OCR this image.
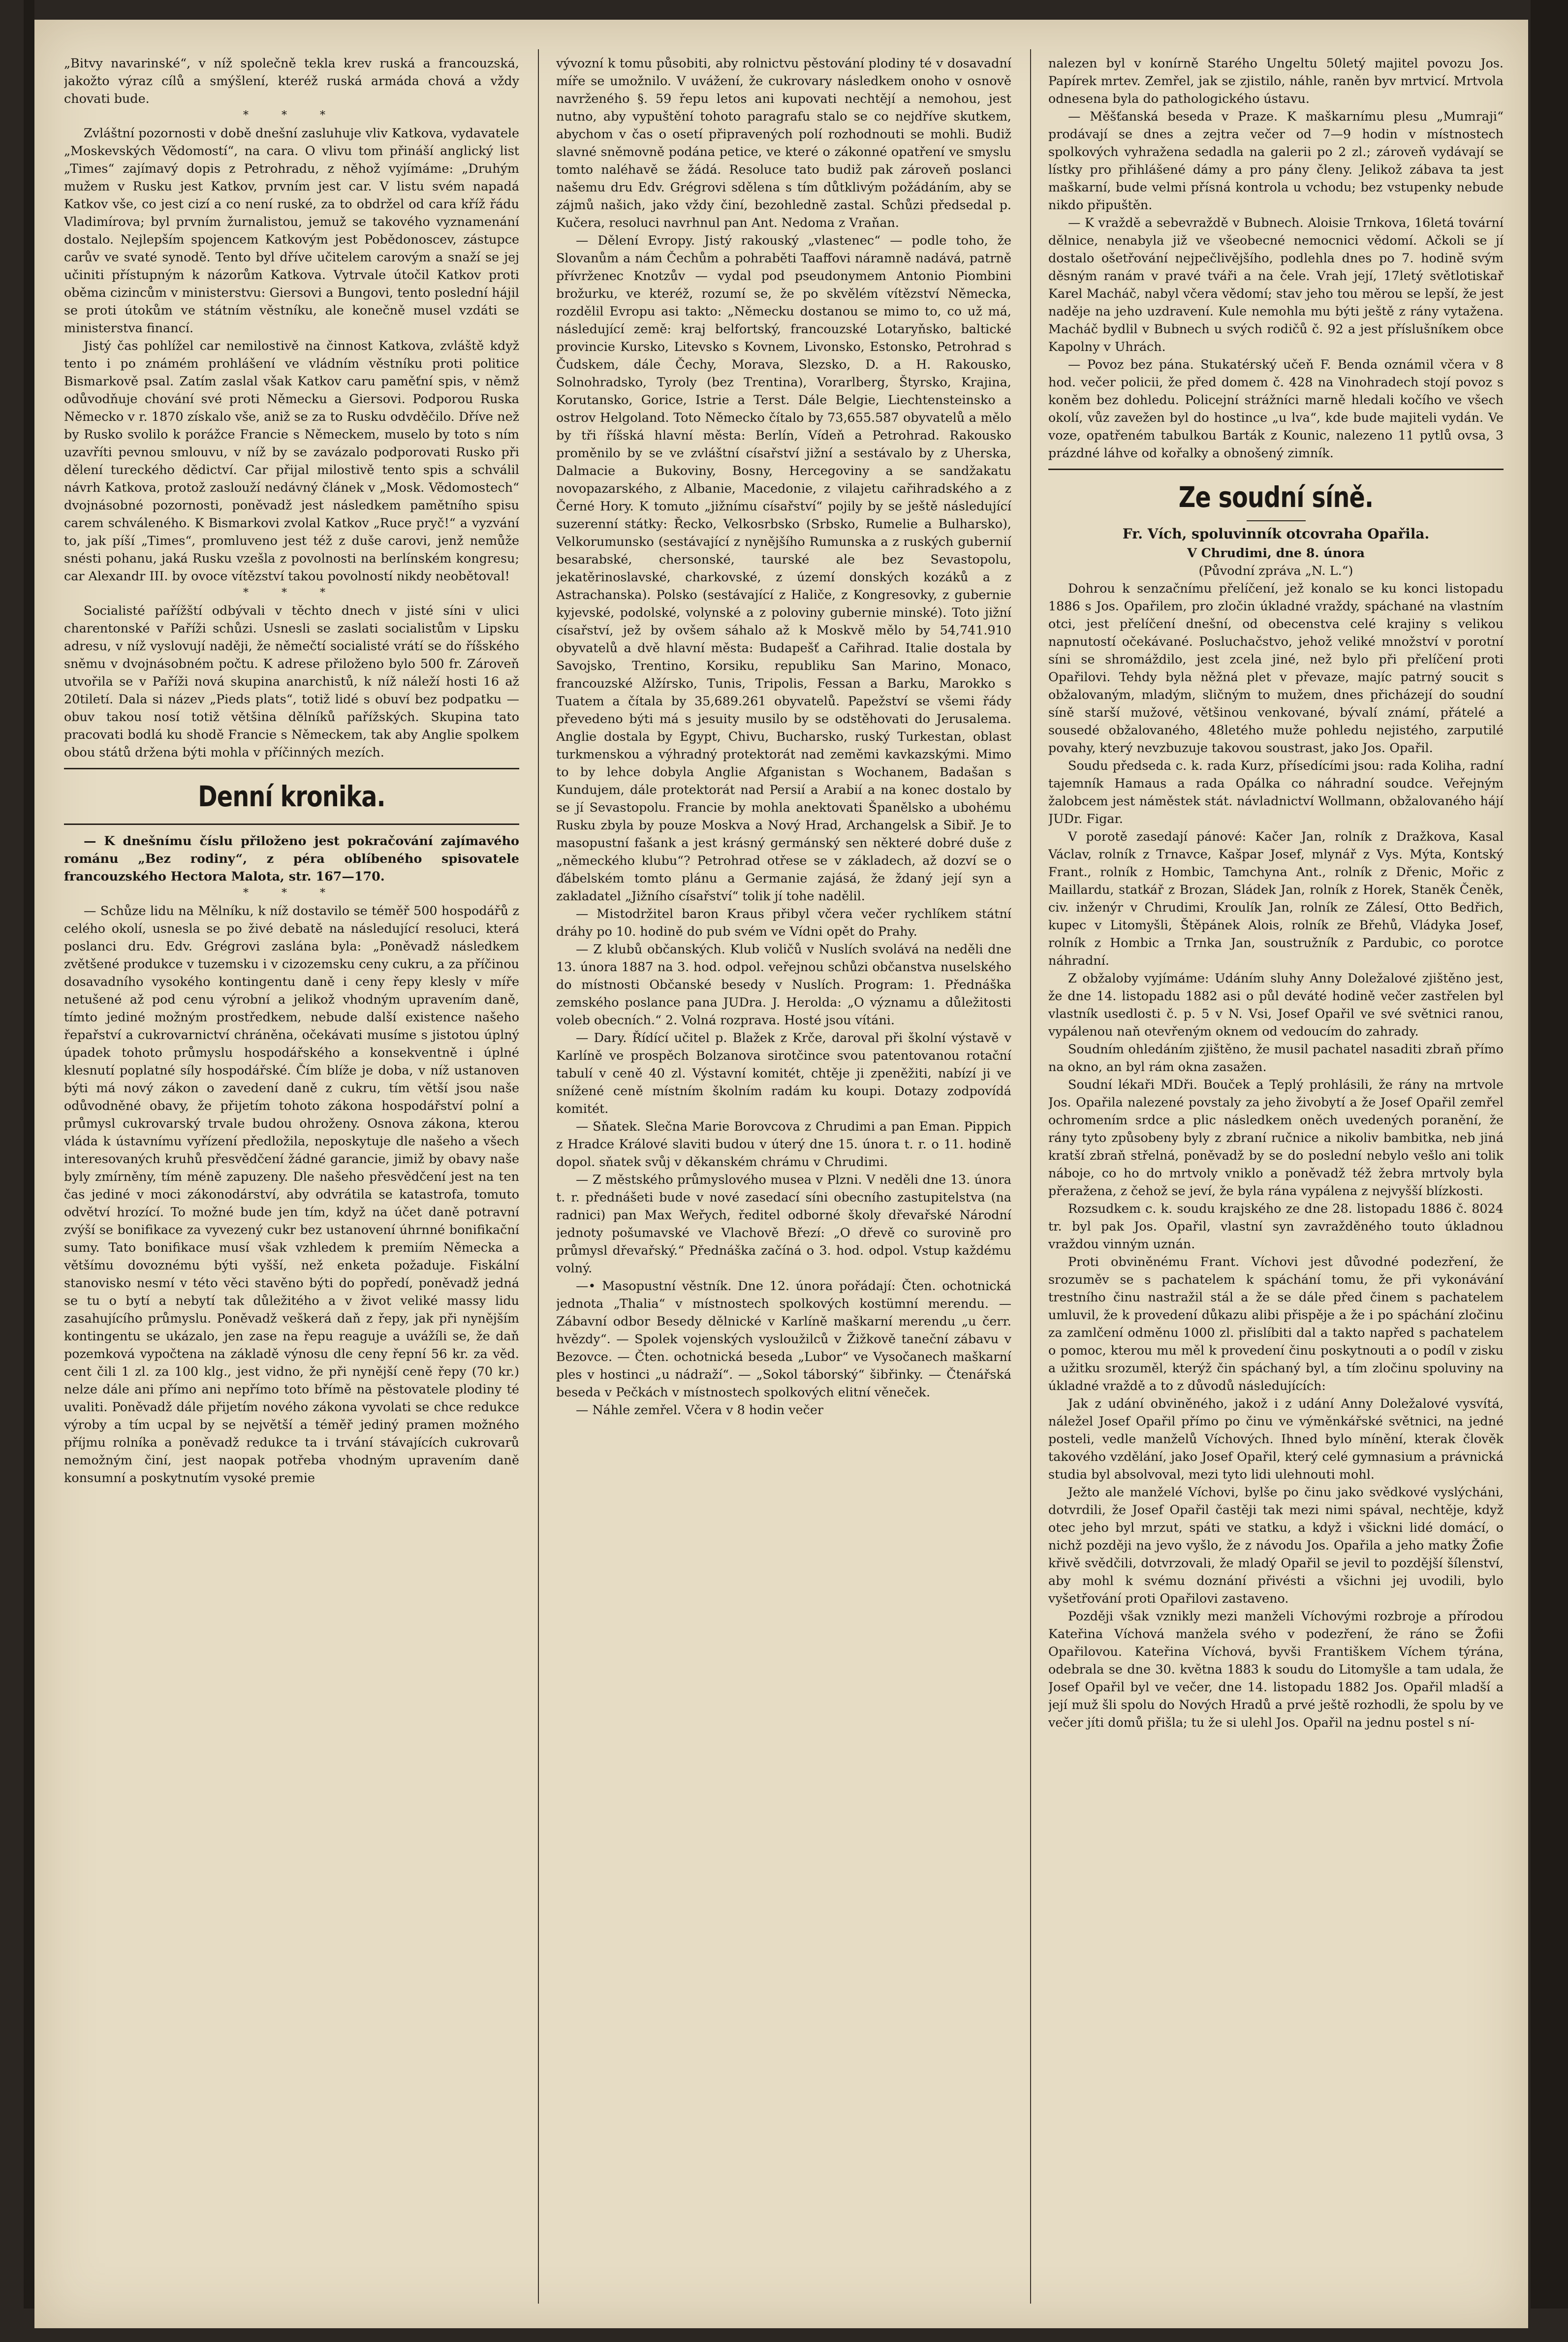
„Bitvy navarinské“, v níž společně tekla krev ruská a francouzská, jakožto výraz cílů a smýšlení, kteréž ruská armáda chová a vždy chovati bude.

* * *

Zvláštní pozornosti v době dnešní zasluhuje vliv Katkova, vydavatele „Moskevských Vědomostí“, na cara. O vlivu tom přináší anglický list „Times“ zajímavý dopis z Petrohradu, z něhož vyjímáme: „Druhým mužem v Rusku jest Katkov, prvním jest car. V listu svém napadá Katkov vše, co jest cizí a co není ruské, za to obdržel od cara kříž řádu Vladimírova; byl prvním žurnalistou, jemuž se takového vyznamenání dostalo. Nejlepším spojencem Katkovým jest Pobědonoscev, zástupce carův ve svaté synodě. Tento byl dříve učitelem carovým a snaží se jej učiniti přístupným k názorům Katkova. Vytrvale útočil Katkov proti oběma cizincům v ministerstvu: Giersovi a Bungovi, tento poslední hájil se proti útokům ve státním věstníku, ale konečně musel vzdáti se ministerstva financí.

Jistý čas pohlížel car nemilostivě na činnost Katkova, zvláště když tento i po známém prohlášení ve vládním věstníku proti politice Bismarkově psal. Zatím zaslal však Katkov caru paměťní spis, v němž odůvodňuje chování své proti Německu a Giersovi. Podporou Ruska Německo v r. 1870 získalo vše, aniž se za to Rusku odvděčilo. Dříve než by Rusko svolilo k porážce Francie s Německem, muselo by toto s ním uzavříti pevnou smlouvu, v níž by se zavázalo podporovati Rusko při dělení tureckého dědictví. Car přijal milostivě tento spis a schválil návrh Katkova, protož zaslouží nedávný článek v „Mosk. Vědomostech“ dvojnásobné pozornosti, poněvadž jest následkem pamětního spisu carem schváleného. K Bismarkovi zvolal Katkov „Ruce pryč!“ a vyzvání to, jak píší „Times“, promluveno jest též z duše carovi, jenž nemůže snésti pohanu, jaká Rusku vzešla z povolnosti na berlínském kongresu; car Alexandr III. by ovoce vítězství takou povolností nikdy neobětoval!

* * *

Socialisté pařížští odbývali v těchto dnech v jisté síni v ulici charentonské v Paříži schůzi. Usnesli se zaslati socialistům v Lipsku adresu, v níž vyslovují naději, že němečtí socialisté vrátí se do říšského sněmu v dvojnásobném počtu. K adrese přiloženo bylo 500 fr. Zároveň utvořila se v Paříži nová skupina anarchistů, k níž náleží hosti 16 až 20tiletí. Dala si název „Pieds plats“, totiž lidé s obuví bez podpatku — obuv takou nosí totiž většina dělníků pařížských. Skupina tato pracovati bodlá ku shodě Francie s Německem, tak aby Anglie spolkem obou států držena býti mohla v příčinných mezích.

Denní kronika.

— K dnešnímu číslu přiloženo jest pokračování zajímavého románu „Bez rodiny“, z péra oblíbeného spisovatele francouzského Hectora Malota, str. 167—170.

* * *

— Schůze lidu na Mělníku, k níž dostavilo se téměř 500 hospodářů z celého okolí, usnesla se po živé debatě na následující resoluci, která poslanci dru. Edv. Grégrovi zaslána byla: „Poněvadž následkem zvětšené produkce v tuzemsku i v cizozemsku ceny cukru, a za příčinou dosavadního vysokého kontingentu daně i ceny řepy klesly v míře netušené až pod cenu výrobní a jelikož vhodným upravením daně, tímto jediné možným prostředkem, nebude další existence našeho řepařství a cukrovarnictví chráněna, očekávati musíme s jistotou úplný úpadek tohoto průmyslu hospodářského a konsekventně i úplné klesnutí poplatné síly hospodářské. Čím blíže je doba, v níž ustanoven býti má nový zákon o zavedení daně z cukru, tím větší jsou naše odůvodněné obavy, že přijetím tohoto zákona hospodářství polní a průmysl cukrovarský trvale budou ohroženy. Osnova zákona, kterou vláda k ústavnímu vyřízení předložila, neposkytuje dle našeho a všech interesovaných kruhů přesvědčení žádné garancie, jimiž by obavy naše byly zmírněny, tím méně zapuzeny. Dle našeho přesvědčení jest na ten čas jediné v moci zákonodárství, aby odvrátila se katastrofa, tomuto odvětví hrozící. To možné bude jen tím, když na účet daně potravní zvýší se bonifikace za vyvezený cukr bez ustanovení úhrnné bonifikační sumy. Tato bonifikace musí však vzhledem k premiím Německa a většímu dovoznému býti vyšší, než enketa požaduje. Fiskální stanovisko nesmí v této věci stavěno býti do popředí, poněvadž jedná se tu o bytí a nebytí tak důležitého a v život veliké massy lidu zasahujícího průmyslu. Poněvadž veškerá daň z řepy, jak při nynějším kontingentu se ukázalo, jen zase na řepu reaguje a uvážíli se, že daň pozemková vypočtena na základě výnosu dle ceny řepní 56 kr. za věd. cent čili 1 zl. za 100 klg., jest vidno, že při nynější ceně řepy (70 kr.) nelze dále ani přímo ani nepřímo toto břímě na pěstovatele plodiny té uvaliti. Poněvadž dále přijetím nového zákona vyvolati se chce redukce výroby a tím ucpal by se největší a téměř jediný pramen možného příjmu rolníka a poněvadž redukce ta i trvání stávajících cukrovarů nemožným činí, jest naopak potřeba vhodným upravením daně konsumní a poskytnutím vysoké premie

vývozní k tomu působiti, aby rolnictvu pěstování plodiny té v dosavadní míře se umožnilo. V uvážení, že cukrovary následkem onoho v osnově navrženého §. 59 řepu letos ani kupovati nechtějí a nemohou, jest nutno, aby vypuštění tohoto paragrafu stalo se co nejdříve skutkem, abychom v čas o osetí připravených polí rozhodnouti se mohli. Budiž slavné sněmovně podána petice, ve které o zákonné opatření ve smyslu tomto naléhavě se žádá. Resoluce tato budiž pak zároveň poslanci našemu dru Edv. Grégrovi sdělena s tím důtklivým požádáním, aby se zájmů našich, jako vždy činí, bezohledně zastal. Schůzi předsedal p. Kučera, resoluci navrhnul pan Ant. Nedoma z Vraňan.

— Dělení Evropy. Jistý rakouský „vlastenec“ — podle toho, že Slovanům a nám Čechům a pohraběti Taaffovi náramně nadává, patrně přívrženec Knotzův — vydal pod pseudonymem Antonio Piombini brožurku, ve kteréž, rozumí se, že po skvělém vítězství Německa, rozdělil Evropu asi takto: „Německu dostanou se mimo to, co už má, následující země: kraj belfortský, francouzské Lotaryňsko, baltické provincie Kursko, Litevsko s Kovnem, Livonsko, Estonsko, Petrohrad s Čudskem, dále Čechy, Morava, Slezsko, D. a H. Rakousko, Solnohradsko, Tyroly (bez Trentina), Vorarlberg, Štyrsko, Krajina, Korutansko, Gorice, Istrie a Terst. Dále Belgie, Liechtensteinsko a ostrov Helgoland. Toto Německo čítalo by 73,655.587 obyvatelů a mělo by tři říšská hlavní města: Berlín, Vídeň a Petrohrad. Rakousko proměnilo by se ve zvláštní císařství jižní a sestávalo by z Uherska, Dalmacie a Bukoviny, Bosny, Hercegoviny a se sandžakatu novopazarského, z Albanie, Macedonie, z vilajetu cařihradského a z Černé Hory. K tomuto „jižnímu císařství“ pojily by se ještě následující suzerenní státky: Řecko, Velkosrbsko (Srbsko, Rumelie a Bulharsko), Velkorumunsko (sestávající z nynějšího Rumunska a z ruských gubernií besarabské, chersonské, taurské ale bez Sevastopolu, jekatěrinoslavské, charkovské, z území donských kozáků a z Astrachanska). Polsko (sestávající z Haliče, z Kongresovky, z gubernie kyjevské, podolské, volynské a z poloviny gubernie minské). Toto jižní císařství, jež by ovšem sáhalo až k Moskvě mělo by 54,741.910 obyvatelů a dvě hlavní města: Budapešť a Cařihrad. Italie dostala by Savojsko, Trentino, Korsiku, republiku San Marino, Monaco, francouzské Alžírsko, Tunis, Tripolis, Fessan a Barku, Marokko s Tuatem a čítala by 35,689.261 obyvatelů. Papežství se všemi řády převedeno býti má s jesuity musilo by se odstěhovati do Jerusalema. Anglie dostala by Egypt, Chivu, Bucharsko, ruský Turkestan, oblast turkmenskou a výhradný protektorát nad zeměmi kavkazskými. Mimo to by lehce dobyla Anglie Afganistan s Wochanem, Badašan s Kundujem, dále protektorát nad Persií a Arabií a na konec dostalo by se jí Sevastopolu. Francie by mohla anektovati Španělsko a ubohému Rusku zbyla by pouze Moskva a Nový Hrad, Archangelsk a Sibiř. Je to masopustní fašank a jest krásný germánský sen některé dobré duše z „německého klubu“? Petrohrad otřese se v základech, až dozví se o ďábelském tomto plánu a Germanie zajásá, že ždaný její syn a zakladatel „Jižního císařství“ tolik jí tohe nadělil.

— Mistodržitel baron Kraus přibyl včera večer rychlíkem státní dráhy po 10. hodině do pub svém ve Vídni opět do Prahy.

— Z klubů občanských. Klub voličů v Nuslích svolává na neděli dne 13. února 1887 na 3. hod. odpol. veřejnou schůzi občanstva nuselského do místnosti Občanské besedy v Nuslích. Program: 1. Přednáška zemského poslance pana JUDra. J. Herolda: „O významu a důležitosti voleb obecních.“ 2. Volná rozprava. Hosté jsou vítáni.

— Dary. Řídící učitel p. Blažek z Krče, daroval při školní výstavě v Karlíně ve prospěch Bolzanova sirotčince svou patentovanou rotační tabulí v ceně 40 zl. Výstavní komitét, chtěje ji zpeněžiti, nabízí ji ve snížené ceně místním školním radám ku koupi. Dotazy zodpovídá komitét.

— Sňatek. Slečna Marie Borovcova z Chrudimi a pan Eman. Pippich z Hradce Králové slaviti budou v úterý dne 15. února t. r. o 11. hodině dopol. sňatek svůj v děkanském chrámu v Chrudimi.

— Z městského průmyslového musea v Plzni. V neděli dne 13. února t. r. přednášeti bude v nové zasedací síni obecního zastupitelstva (na radnici) pan Max Weřych, ředitel odborné školy dřevařské Národní jednoty pošumavské ve Vlachově Březí: „O dřevě co surovině pro průmysl dřevařský.“ Přednáška začíná o 3. hod. odpol. Vstup každému volný.

—• Masopustní věstník. Dne 12. února pořádají: Čten. ochotnická jednota „Thalia“ v místnostech spolkových kostümní merendu. — Zábavní odbor Besedy dělnické v Karlíně maškarní merendu „u čerr. hvězdy“. — Spolek vojenských vysloužilců v Žižkově taneční zábavu v Bezovce. — Čten. ochotnická beseda „Lubor“ ve Vysočanech maškarní ples v hostinci „u nádraží“. — „Sokol táborský“ šibřinky. — Čtenářská beseda v Pečkách v místnostech spolkových elitní věneček.

— Náhle zemřel. Včera v 8 hodin večer

nalezen byl v konírně Starého Ungeltu 50letý majitel povozu Jos. Papírek mrtev. Zemřel, jak se zjistilo, náhle, raněn byv mrtvicí. Mrtvola odnesena byla do pathologického ústavu.

— Měšťanská beseda v Praze. K maškarnímu plesu „Mumraji“ prodávají se dnes a zejtra večer od 7—9 hodin v místnostech spolkových vyhražena sedadla na galerii po 2 zl.; zároveň vydávají se lístky pro přihlášené dámy a pro pány členy. Jelikož zábava ta jest maškarní, bude velmi přísná kontrola u vchodu; bez vstupenky nebude nikdo připuštěn.

— K vraždě a sebevraždě v Bubnech. Aloisie Trnkova, 16letá tovární dělnice, nenabyla již ve všeobecné nemocnici vědomí. Ačkoli se jí dostalo ošetřování nejpečlivějšího, podlehla dnes po 7. hodině svým děsným ranám v pravé tváři a na čele. Vrah její, 17letý světlotiskař Karel Macháč, nabyl včera vědomí; stav jeho tou měrou se lepší, že jest naděje na jeho uzdravení. Kule nemohla mu býti ještě z rány vytažena. Macháč bydlil v Bubnech u svých rodičů č. 92 a jest příslušníkem obce Kapolny v Uhrách.

— Povoz bez pána. Stukatérský učeň F. Benda oznámil včera v 8 hod. večer policii, že před domem č. 428 na Vinohradech stojí povoz s koněm bez dohledu. Policejní strážníci marně hledali kočího ve všech okolí, vůz zavežen byl do hostince „u lva“, kde bude majiteli vydán. Ve voze, opatřeném tabulkou Barták z Kounic, nalezeno 11 pytlů ovsa, 3 prázdné láhve od kořalky a obnošený zimník.

Ze soudní síně.

Fr. Vích, spoluvinník otcovraha Opařila.

V Chrudimi, dne 8. února

(Původní zpráva „N. L.“)

Dohrou k senzačnímu přelíčení, jež konalo se ku konci listopadu 1886 s Jos. Opařilem, pro zločin úkladné vraždy, spáchané na vlastním otci, jest přelíčení dnešní, od obecenstva celé krajiny s velikou napnutostí očekávané. Posluchačstvo, jehož veliké množství v porotní síni se shromáždilo, jest zcela jiné, než bylo při přelíčení proti Opařilovi. Tehdy byla něžná plet v převaze, majíc patrný soucit s obžalovaným, mladým, sličným to mužem, dnes přicházejí do soudní síně starší mužové, většinou venkované, bývalí známí, přátelé a sousedé obžalovaného, 48letého muže pohledu nejistého, zarputilé povahy, který nevzbuzuje takovou soustrast, jako Jos. Opařil.

Soudu předseda c. k. rada Kurz, přísedícími jsou: rada Koliha, radní tajemník Hamaus a rada Opálka co náhradní soudce. Veřejným žalobcem jest náměstek stát. návladnictví Wollmann, obžalovaného hájí JUDr. Figar.

V porotě zasedají pánové: Kačer Jan, rolník z Dražkova, Kasal Václav, rolník z Trnavce, Kašpar Josef, mlynář z Vys. Mýta, Kontský Frant., rolník z Hombic, Tamchyna Ant., rolník z Dřenic, Mořic z Maillardu, statkář z Brozan, Sládek Jan, rolník z Horek, Staněk Čeněk, civ. inženýr v Chrudimi, Kroulík Jan, rolník ze Zálesí, Otto Bedřich, kupec v Litomyšli, Štěpánek Alois, rolník ze Břehů, Vládyka Josef, rolník z Hombic a Trnka Jan, soustružník z Pardubic, co porotce náhradní.

Z obžaloby vyjímáme: Udáním sluhy Anny Doležalové zjištěno jest, že dne 14. listopadu 1882 asi o půl deváté hodině večer zastřelen byl vlastník usedlosti č. p. 5 v N. Vsi, Josef Opařil ve své světnici ranou, vypálenou naň otevřeným oknem od vedoucím do zahrady.

Soudním ohledáním zjištěno, že musil pachatel nasaditi zbraň přímo na okno, an byl rám okna zasažen.

Soudní lékaři MDři. Bouček a Teplý prohlásili, že rány na mrtvole Jos. Opařila nalezené povstaly za jeho živobytí a že Josef Opařil zemřel ochromením srdce a plic následkem oněch uvedených poranění, že rány tyto způsobeny byly z zbraní ručnice a nikoliv bambitka, neb jiná kratší zbraň střelná, poněvadž by se do poslední nebylo vešlo ani tolik náboje, co ho do mrtvoly vniklo a poněvadž též žebra mrtvoly byla přeražena, z čehož se jeví, že byla rána vypálena z nejvyšší blízkosti.

Rozsudkem c. k. soudu krajského ze dne 28. listopadu 1886 č. 8024 tr. byl pak Jos. Opařil, vlastní syn zavražděného touto úkladnou vraždou vinným uznán.

Proti obviněnému Frant. Víchovi jest důvodné podezření, že srozuměv se s pachatelem k spáchání tomu, že při vykonávání trestního činu nastražil stál a že se dále před činem s pachatelem umluvil, že k provedení důkazu alibi přispěje a že i po spáchání zločinu za zamlčení odměnu 1000 zl. přislíbiti dal a takto napřed s pachatelem o pomoc, kterou mu měl k provedení činu poskytnouti a o podíl v zisku a užitku srozuměl, kterýž čin spáchaný byl, a tím zločinu spoluviny na úkladné vraždě a to z důvodů následujících:

Jak z udání obviněného, jakož i z udání Anny Doležalové vysvítá, náležel Josef Opařil přímo po činu ve výměnkářské světnici, na jedné posteli, vedle manželů Víchových. Ihned bylo mínění, kterak člověk takového vzdělání, jako Josef Opařil, který celé gymnasium a právnická studia byl absolvoval, mezi tyto lidi ulehnouti mohl.

Ježto ale manželé Víchovi, bylše po činu jako svědkové vyslýcháni, dotvrdili, že Josef Opařil častěji tak mezi nimi spával, nechtěje, když otec jeho byl mrzut, spáti ve statku, a když i všickni lidé domácí, o nichž později na jevo vyšlo, že z návodu Jos. Opařila a jeho matky Žofie křivě svědčili, dotvrzovali, že mladý Opařil se jevil to pozdější šílenství, aby mohl k svému doznání přivésti a všichni jej uvodili, bylo vyšetřování proti Opařilovi zastaveno.

Později však vznikly mezi manželi Víchovými rozbroje a přírodou Kateřina Víchová manžela svého v podezření, že ráno se Žofii Opařilovou. Kateřina Víchová, byvši Františkem Víchem týrána, odebrala se dne 30. května 1883 k soudu do Litomyšle a tam udala, že Josef Opařil byl ve večer, dne 14. listopadu 1882 Jos. Opařil mladší a její muž šli spolu do Nových Hradů a prvé ještě rozhodli, že spolu by ve večer jíti domů přišla; tu že si ulehl Jos. Opařil na jednu postel s ní-
